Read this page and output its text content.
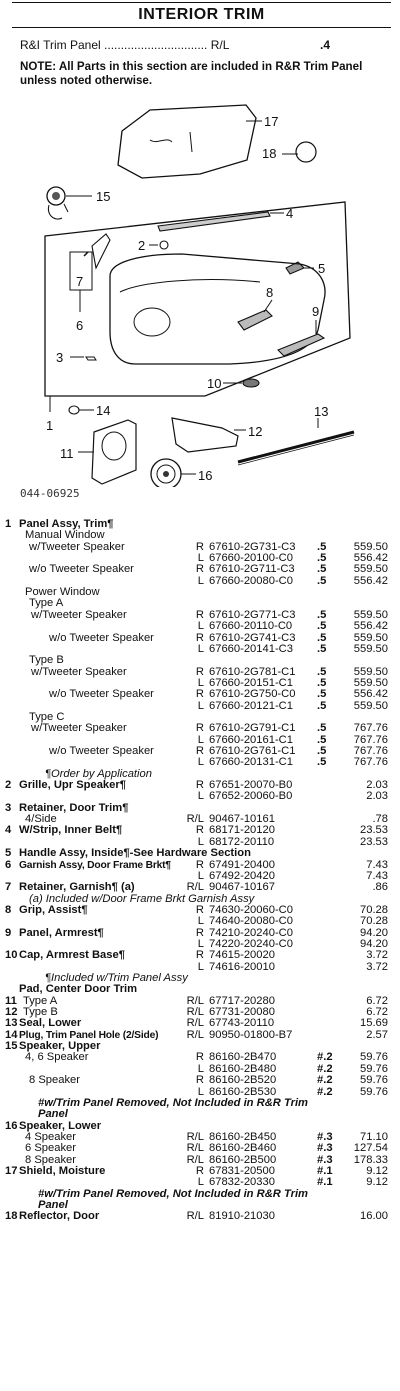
INTERIOR TRIM
R&I Trim Panel ............................... R/L	.4
NOTE: All Parts in this section are included in R&R Trim Panel unless noted otherwise.
17
18
15
4
2
5
7
6
8
9
3
10
14
1
13
12
11
16
044-06925
1 Panel Assy, Trim¶
Manual Window
w/Tweeter Speaker	R 67610-2G731-C3 .5 559.50
L 67660-20100-C0 .5 556.42
w/o Tweeter Speaker	R 67610-2G711-C3 .5 559.50
L 67660-20080-C0 .5 556.42
Power Window
Type A
w/Tweeter Speaker	R 67610-2G771-C3 .5 559.50
L 67660-20110-C0 .5 556.42
w/o Tweeter Speaker	R 67610-2G741-C3 .5 559.50
L 67660-20141-C3 .5 559.50
Type B
w/Tweeter Speaker	R 67610-2G781-C1 .5 559.50
L 67660-20151-C1 .5 559.50
w/o Tweeter Speaker	R 67610-2G750-C0 .5 556.42
L 67660-20121-C1 .5 559.50
Type C
w/Tweeter Speaker	R 67610-2G791-C1 .5 767.76
L 67660-20161-C1 .5 767.76
w/o Tweeter Speaker	R 67610-2G761-C1 .5 767.76
L 67660-20131-C1 .5 767.76
¶Order by Application
2 Grille, Upr Speaker¶	R 67651-20070-B0	2.03
L 67652-20060-B0	2.03
3 Retainer, Door Trim¶
4/Side	R/L 90467-10161	.78
4 W/Strip, Inner Belt¶	R 68171-20120	23.53
L 68172-20110	23.53
5 Handle Assy, Inside¶-See Hardware Section
6 Garnish Assy, Door Frame Brkt¶	R 67491-20400	7.43
L 67492-20420	7.43
7 Retainer, Garnish¶ (a)	R/L 90467-10167	.86
(a) Included w/Door Frame Brkt Garnish Assy
8 Grip, Assist¶	R 74630-20060-C0	70.28
L 74640-20080-C0	70.28
9 Panel, Armrest¶	R 74210-20240-C0	94.20
L 74220-20240-C0	94.20
10 Cap, Armrest Base¶	R 74615-20020	3.72
L 74616-20010	3.72
¶Included w/Trim Panel Assy
Pad, Center Door Trim
11 Type A	R/L 67717-20280	6.72
12 Type B	R/L 67731-20080	6.72
13 Seal, Lower	R/L 67743-20110	15.69
14 Plug, Trim Panel Hole (2/Side)	R/L 90950-01800-B7	2.57
15 Speaker, Upper
4, 6 Speaker	R 86160-2B470	#.2 59.76
L 86160-2B480	#.2 59.76
8 Speaker	R 86160-2B520	#.2 59.76
L 86160-2B530	#.2 59.76
#w/Trim Panel Removed, Not Included in R&R Trim
Panel
16 Speaker, Lower
4 Speaker	R/L 86160-2B450	#.3 71.10
6 Speaker	R/L 86160-2B460	#.3 127.54
8 Speaker	R/L 86160-2B500	#.3 178.33
17 Shield, Moisture	R 67831-20500	#.1	9.12
L 67832-20330	#.1	9.12
#w/Trim Panel Removed, Not Included in R&R Trim
Panel
18 Reflector, Door	R/L 81910-21030	16.00
